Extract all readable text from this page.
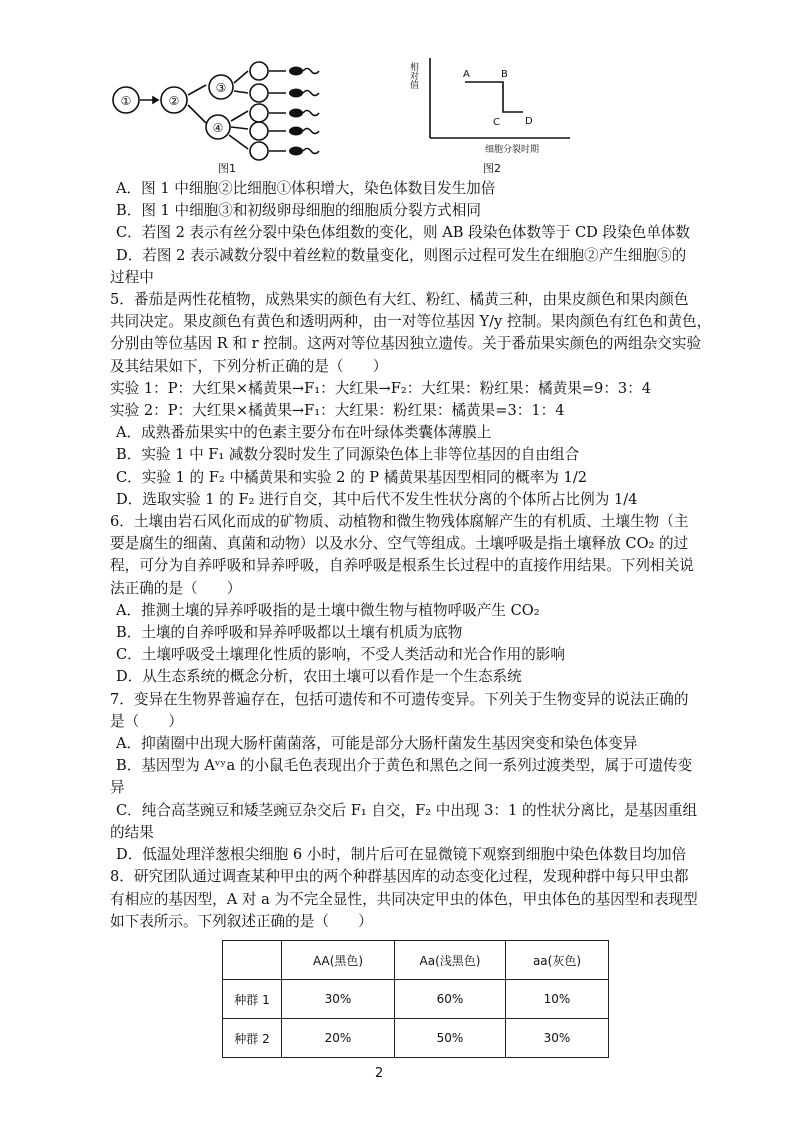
①	②
③
④
图1
A	B
C	D
细胞分裂时期
相对值
图2
A．图 1 中细胞②比细胞①体积增大，染色体数目发生加倍
B．图 1 中细胞③和初级卵母细胞的细胞质分裂方式相同
C．若图 2 表示有丝分裂中染色体组数的变化，则 AB 段染色体数等于 CD 段染色单体数
D．若图 2 表示减数分裂中着丝粒的数量变化，则图示过程可发生在细胞②产生细胞⑤的
过程中
5．番茄是两性花植物，成熟果实的颜色有大红、粉红、橘黄三种，由果皮颜色和果肉颜色
共同决定。果皮颜色有黄色和透明两种，由一对等位基因 Y/y 控制。果肉颜色有红色和黄色，
分别由等位基因 R 和 r 控制。这两对等位基因独立遗传。关于番茄果实颜色的两组杂交实验
及其结果如下，下列分析正确的是（　　）
实验 1：P：大红果×橘黄果→F₁：大红果→F₂：大红果：粉红果：橘黄果=9：3：4
实验 2：P：大红果×橘黄果→F₁：大红果：粉红果：橘黄果=3：1：4
A．成熟番茄果实中的色素主要分布在叶绿体类囊体薄膜上
B．实验 1 中 F₁ 减数分裂时发生了同源染色体上非等位基因的自由组合
C．实验 1 的 F₂ 中橘黄果和实验 2 的 P 橘黄果基因型相同的概率为 1/2
D．选取实验 1 的 F₂ 进行自交，其中后代不发生性状分离的个体所占比例为 1/4
6．土壤由岩石风化而成的矿物质、动植物和微生物残体腐解产生的有机质、土壤生物（主
要是腐生的细菌、真菌和动物）以及水分、空气等组成。土壤呼吸是指土壤释放 CO₂ 的过
程，可分为自养呼吸和异养呼吸，自养呼吸是根系生长过程中的直接作用结果。下列相关说
法正确的是（　　）
A．推测土壤的异养呼吸指的是土壤中微生物与植物呼吸产生 CO₂
B．土壤的自养呼吸和异养呼吸都以土壤有机质为底物
C．土壤呼吸受土壤理化性质的影响，不受人类活动和光合作用的影响
D．从生态系统的概念分析，农田土壤可以看作是一个生态系统
7．变异在生物界普遍存在，包括可遗传和不可遗传变异。下列关于生物变异的说法正确的
是（　　）
A．抑菌圈中出现大肠杆菌菌落，可能是部分大肠杆菌发生基因突变和染色体变异
B．基因型为 Aᵛʸa 的小鼠毛色表现出介于黄色和黑色之间一系列过渡类型，属于可遗传变
异
C．纯合高茎豌豆和矮茎豌豆杂交后 F₁ 自交，F₂ 中出现 3：1 的性状分离比，是基因重组
的结果
D．低温处理洋葱根尖细胞 6 小时，制片后可在显微镜下观察到细胞中染色体数目均加倍
8．研究团队通过调查某种甲虫的两个种群基因库的动态变化过程，发现种群中每只甲虫都
有相应的基因型，A 对 a 为不完全显性，共同决定甲虫的体色，甲虫体色的基因型和表现型
如下表所示。下列叙述正确的是（　　）
	AA(黑色)	Aa(浅黑色)	aa(灰色)
种群 1	30%	60%	10%
种群 2	20%	50%	30%
2
